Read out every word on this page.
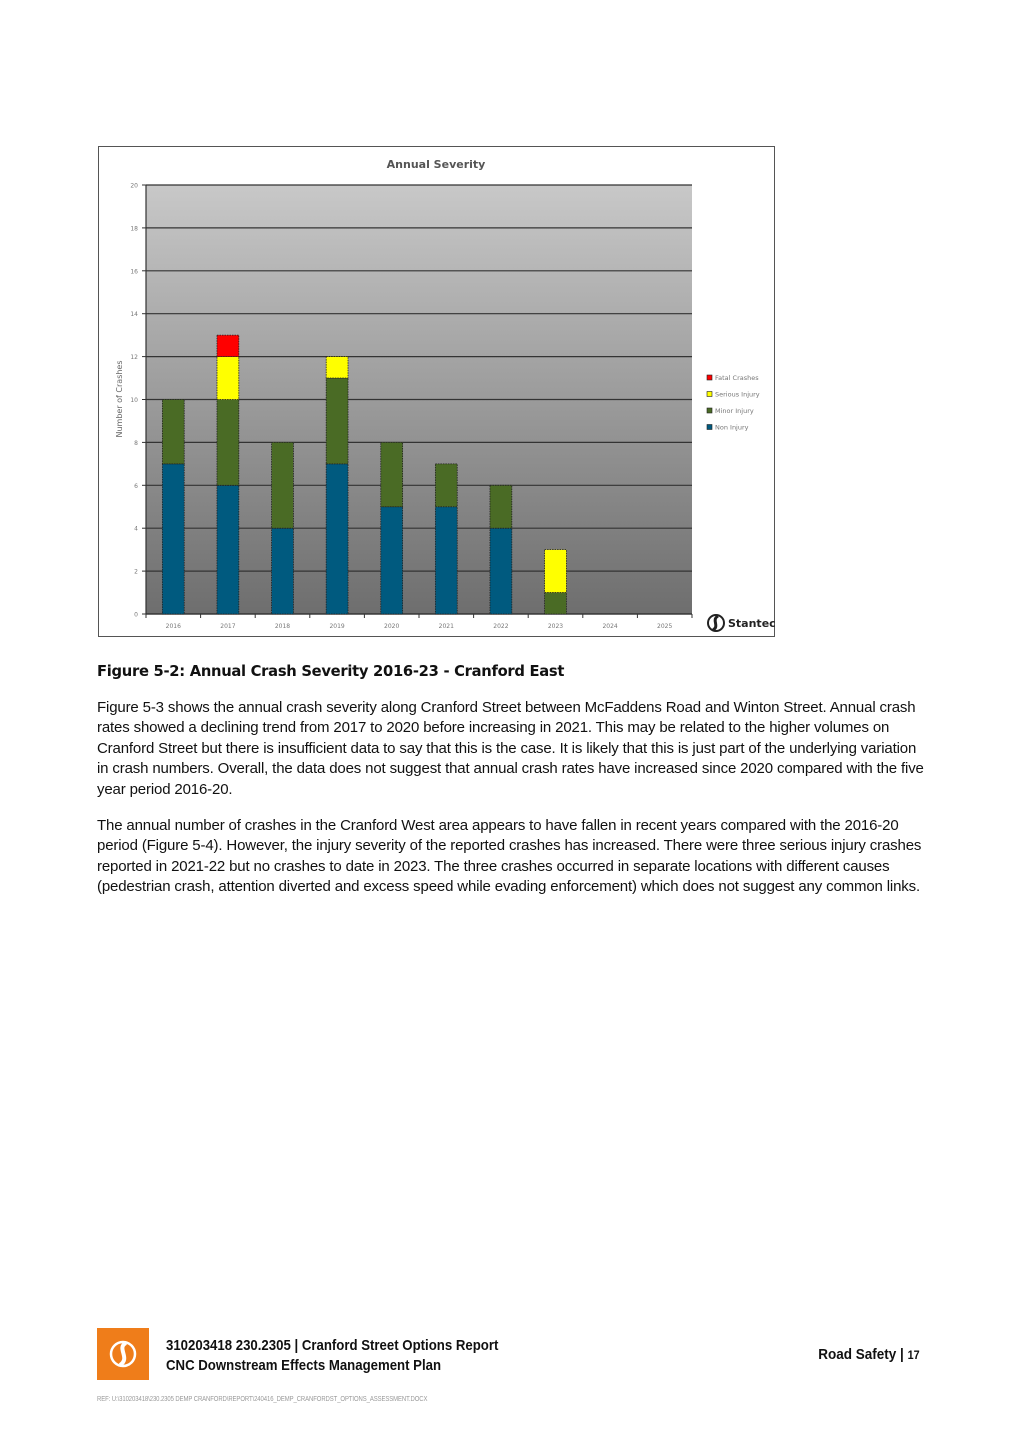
Annual Severity
Number of Crashes
0
2
4
6
8
10
12
14
16
18
20
2016	2017	2018	2019	2020	2021	2022	2023	2024	2025
Fatal Crashes
Serious Injury
Minor Injury
Non Injury
Stantec
Figure 5-2: Annual Crash Severity 2016-23 - Cranford East
Figure 5-3 shows the annual crash severity along Cranford Street between McFaddens Road and Winton Street. Annual crash rates showed a declining trend from 2017 to 2020 before increasing in 2021. This may be related to the higher volumes on Cranford Street but there is insufficient data to say that this is the case. It is likely that this is just part of the underlying variation in crash numbers. Overall, the data does not suggest that annual crash rates have increased since 2020 compared with the five year period 2016-20.
The annual number of crashes in the Cranford West area appears to have fallen in recent years compared with the 2016-20 period (Figure 5-4). However, the injury severity of the reported crashes has increased. There were three serious injury crashes reported in 2021-22 but no crashes to date in 2023. The three crashes occurred in separate locations with different causes (pedestrian crash, attention diverted and excess speed while evading enforcement) which does not suggest any common links.
310203418 230.2305 | Cranford Street Options Report
CNC Downstream Effects Management Plan
Road Safety | 17
REF: U:\310203418\230.2305 DEMP CRANFORD\REPORT\240416_DEMP_CRANFORDST_OPTIONS_ASSESSMENT.DOCX
